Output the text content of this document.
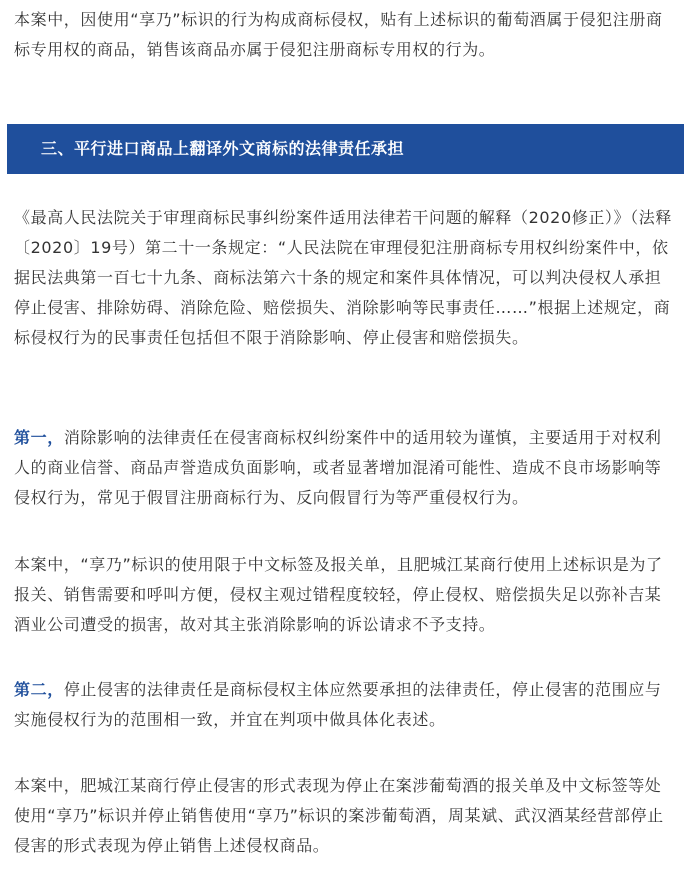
本案中，因使用“享乃”标识的行为构成商标侵权，贴有上述标识的葡萄酒属于侵犯注册商标专用权的商品，销售该商品亦属于侵犯注册商标专用权的行为。

三、平行进口商品上翻译外文商标的法律责任承担

《最高人民法院关于审理商标民事纠纷案件适用法律若干问题的解释（2020修正）》（法释〔2020〕19号）第二十一条规定：“人民法院在审理侵犯注册商标专用权纠纷案件中，依据民法典第一百七十九条、商标法第六十条的规定和案件具体情况，可以判决侵权人承担停止侵害、排除妨碍、消除危险、赔偿损失、消除影响等民事责任……”根据上述规定，商标侵权行为的民事责任包括但不限于消除影响、停止侵害和赔偿损失。

第一，消除影响的法律责任在侵害商标权纠纷案件中的适用较为谨慎，主要适用于对权利人的商业信誉、商品声誉造成负面影响，或者显著增加混淆可能性、造成不良市场影响等侵权行为，常见于假冒注册商标行为、反向假冒行为等严重侵权行为。

本案中，“享乃”标识的使用限于中文标签及报关单，且肥城江某商行使用上述标识是为了报关、销售需要和呼叫方便，侵权主观过错程度较轻，停止侵权、赔偿损失足以弥补吉某酒业公司遭受的损害，故对其主张消除影响的诉讼请求不予支持。

第二，停止侵害的法律责任是商标侵权主体应然要承担的法律责任，停止侵害的范围应与实施侵权行为的范围相一致，并宜在判项中做具体化表述。

本案中，肥城江某商行停止侵害的形式表现为停止在案涉葡萄酒的报关单及中文标签等处使用“享乃”标识并停止销售使用“享乃”标识的案涉葡萄酒，周某斌、武汉酒某经营部停止侵害的形式表现为停止销售上述侵权商品。
